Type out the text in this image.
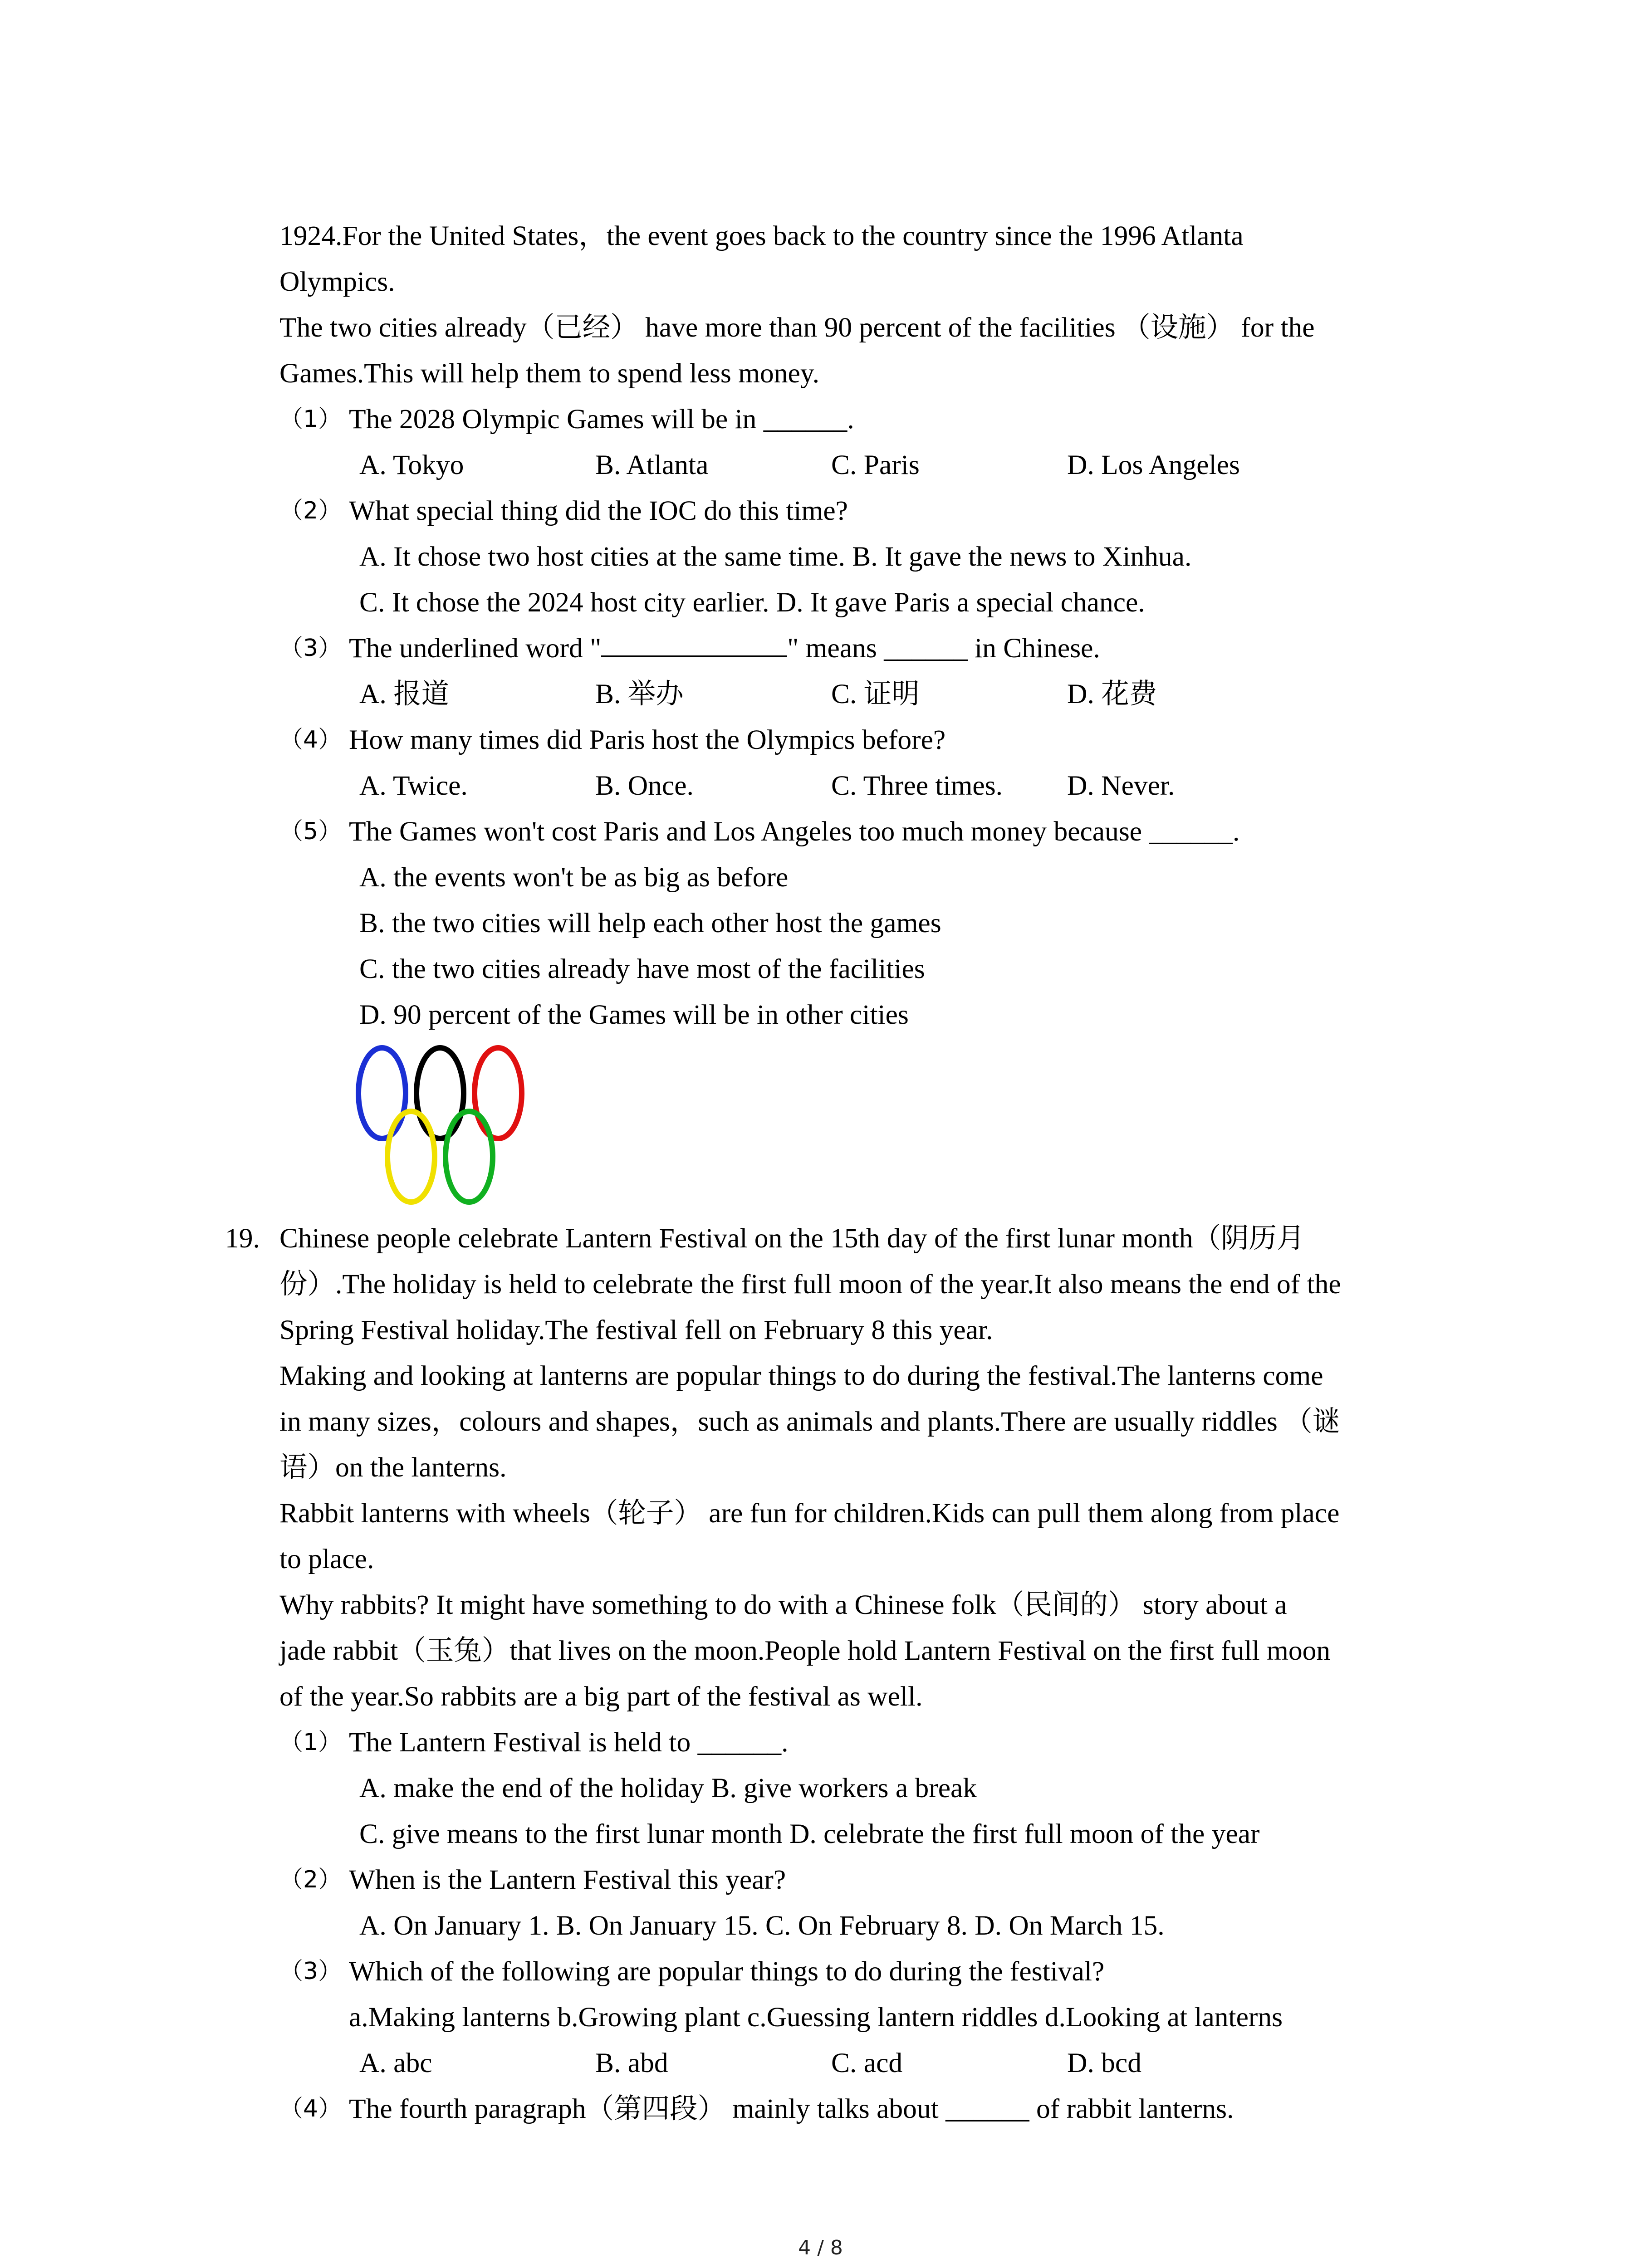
1924.For the United States，the event goes back to the country since the 1996 Atlanta

Olympics.

The two cities already（已经） have more than 90 percent of the facilities （设施） for the

Games.This will help them to spend less money.

（1） The 2028 Olympic Games will be in ______.

A. Tokyo	B. Atlanta	C. Paris	D. Los Angeles

（2） What special thing did the IOC do this time?

A. It chose two host cities at the same time. B. It gave the news to Xinhua.

C. It chose the 2024 host city earlier. D. It gave Paris a special chance.

（3） The underlined word "	" means ______ in Chinese.

A. 报道	B. 举办	C. 证明	D. 花费

（4） How many times did Paris host the Olympics before?

A. Twice.	B. Once.	C. Three times. D. Never.

（5） The Games won't cost Paris and Los Angeles too much money because ______.

A. the events won't be as big as before

B. the two cities will help each other host the games

C. the two cities already have most of the facilities

D. 90 percent of the Games will be in other cities

19. Chinese people celebrate Lantern Festival on the 15th day of the first lunar month（阴历月

份）.The holiday is held to celebrate the first full moon of the year.It also means the end of the

Spring Festival holiday.The festival fell on February 8 this year.

Making and looking at lanterns are popular things to do during the festival.The lanterns come

in many sizes，colours and shapes，such as animals and plants.There are usually riddles （谜

语）on the lanterns.

Rabbit lanterns with wheels（轮子） are fun for children.Kids can pull them along from place

to place.

Why rabbits? It might have something to do with a Chinese folk（民间的） story about a

jade rabbit（玉兔）that lives on the moon.People hold Lantern Festival on the first full moon

of the year.So rabbits are a big part of the festival as well.

（1） The Lantern Festival is held to ______.

A. make the end of the holiday B. give workers a break

C. give means to the first lunar month D. celebrate the first full moon of the year

（2） When is the Lantern Festival this year?

A. On January 1. B. On January 15. C. On February 8. D. On March 15.

（3） Which of the following are popular things to do during the festival?

a.Making lanterns b.Growing plant c.Guessing lantern riddles d.Looking at lanterns

A. abc	B. abd	C. acd	D. bcd

（4） The fourth paragraph（第四段） mainly talks about ______ of rabbit lanterns.

4 / 8
